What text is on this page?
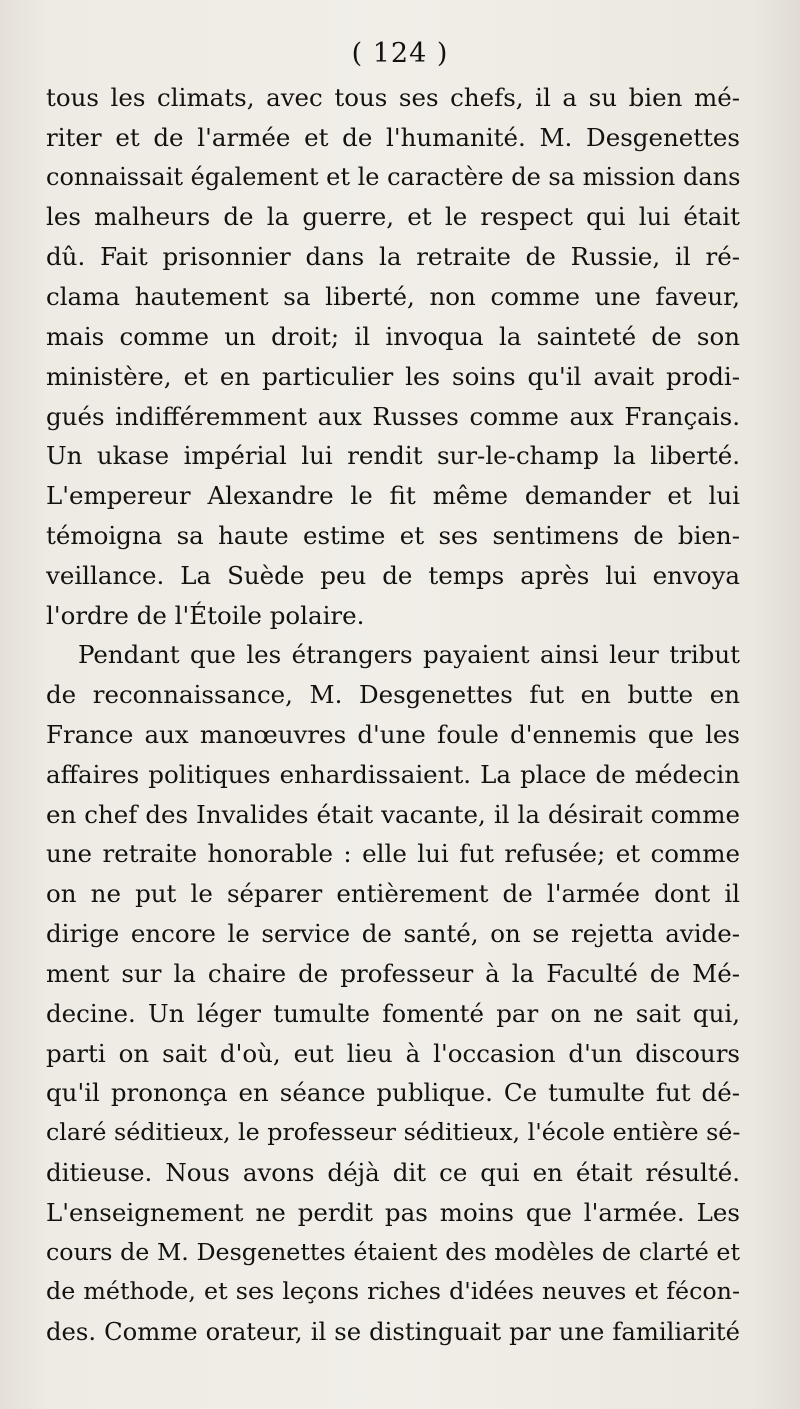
( 124 )
tous les climats, avec tous ses chefs, il a su bien mé-
riter et de l'armée et de l'humanité. M. Desgenettes
connaissait également et le caractère de sa mission dans
les malheurs de la guerre, et le respect qui lui était
dû. Fait prisonnier dans la retraite de Russie, il ré-
clama hautement sa liberté, non comme une faveur,
mais comme un droit; il invoqua la sainteté de son
ministère, et en particulier les soins qu'il avait prodi-
gués indifféremment aux Russes comme aux Français.
Un ukase impérial lui rendit sur-le-champ la liberté.
L'empereur Alexandre le fit même demander et lui
témoigna sa haute estime et ses sentimens de bien-
veillance. La Suède peu de temps après lui envoya
l'ordre de l'Étoile polaire.
Pendant que les étrangers payaient ainsi leur tribut
de reconnaissance, M. Desgenettes fut en butte en
France aux manœuvres d'une foule d'ennemis que les
affaires politiques enhardissaient. La place de médecin
en chef des Invalides était vacante, il la désirait comme
une retraite honorable : elle lui fut refusée; et comme
on ne put le séparer entièrement de l'armée dont il
dirige encore le service de santé, on se rejetta avide-
ment sur la chaire de professeur à la Faculté de Mé-
decine. Un léger tumulte fomenté par on ne sait qui,
parti on sait d'où, eut lieu à l'occasion d'un discours
qu'il prononça en séance publique. Ce tumulte fut dé-
claré séditieux, le professeur séditieux, l'école entière sé-
ditieuse. Nous avons déjà dit ce qui en était résulté.
L'enseignement ne perdit pas moins que l'armée. Les
cours de M. Desgenettes étaient des modèles de clarté et
de méthode, et ses leçons riches d'idées neuves et fécon-
des. Comme orateur, il se distinguait par une familiarité
